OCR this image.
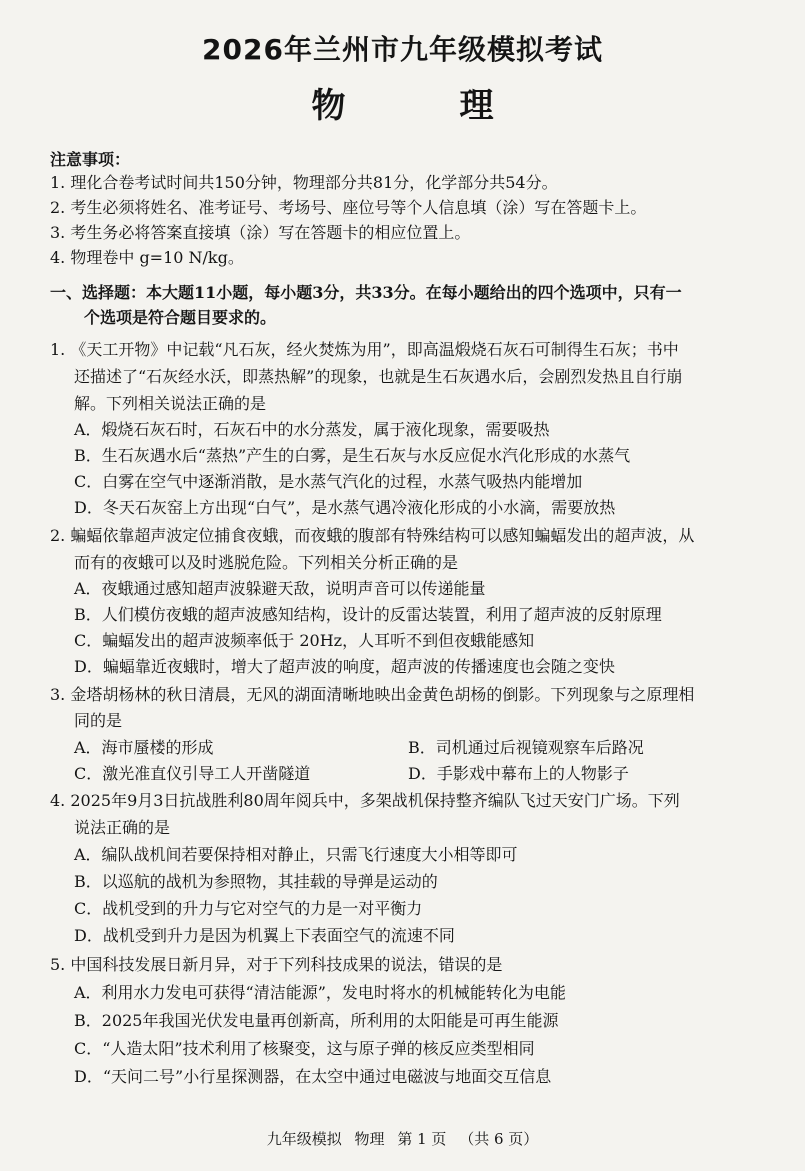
2026年兰州市九年级模拟考试
物　理
注意事项：
1. 理化合卷考试时间共150分钟，物理部分共81分，化学部分共54分。
2. 考生必须将姓名、准考证号、考场号、座位号等个人信息填（涂）写在答题卡上。
3. 考生务必将答案直接填（涂）写在答题卡的相应位置上。
4. 物理卷中 g=10 N/kg。
一、选择题：本大题11小题，每小题3分，共33分。在每小题给出的四个选项中，只有一
个选项是符合题目要求的。
1. 《天工开物》中记载“凡石灰，经火焚炼为用”，即高温煅烧石灰石可制得生石灰；书中
还描述了“石灰经水沃，即蒸热解”的现象，也就是生石灰遇水后，会剧烈发热且自行崩
解。下列相关说法正确的是
A．煅烧石灰石时，石灰石中的水分蒸发，属于液化现象，需要吸热
B．生石灰遇水后“蒸热”产生的白雾，是生石灰与水反应促水汽化形成的水蒸气
C．白雾在空气中逐渐消散，是水蒸气汽化的过程，水蒸气吸热内能增加
D．冬天石灰窑上方出现“白气”，是水蒸气遇冷液化形成的小水滴，需要放热
2. 蝙蝠依靠超声波定位捕食夜蛾，而夜蛾的腹部有特殊结构可以感知蝙蝠发出的超声波，从
而有的夜蛾可以及时逃脱危险。下列相关分析正确的是
A．夜蛾通过感知超声波躲避天敌，说明声音可以传递能量
B．人们模仿夜蛾的超声波感知结构，设计的反雷达装置，利用了超声波的反射原理
C．蝙蝠发出的超声波频率低于 20Hz，人耳听不到但夜蛾能感知
D．蝙蝠靠近夜蛾时，增大了超声波的响度，超声波的传播速度也会随之变快
3. 金塔胡杨林的秋日清晨，无风的湖面清晰地映出金黄色胡杨的倒影。下列现象与之原理相
同的是
A．海市蜃楼的形成	B．司机通过后视镜观察车后路况
C．激光准直仪引导工人开凿隧道	D．手影戏中幕布上的人物影子
4. 2025年9月3日抗战胜利80周年阅兵中，多架战机保持整齐编队飞过天安门广场。下列
说法正确的是
A．编队战机间若要保持相对静止，只需飞行速度大小相等即可
B．以巡航的战机为参照物，其挂载的导弹是运动的
C．战机受到的升力与它对空气的力是一对平衡力
D．战机受到升力是因为机翼上下表面空气的流速不同
5. 中国科技发展日新月异，对于下列科技成果的说法，错误的是
A．利用水力发电可获得“清洁能源”，发电时将水的机械能转化为电能
B．2025年我国光伏发电量再创新高，所利用的太阳能是可再生能源
C．“人造太阳”技术利用了核聚变，这与原子弹的核反应类型相同
D．“天问二号”小行星探测器，在太空中通过电磁波与地面交互信息
九年级模拟 物理 第 1 页 （共 6 页）
